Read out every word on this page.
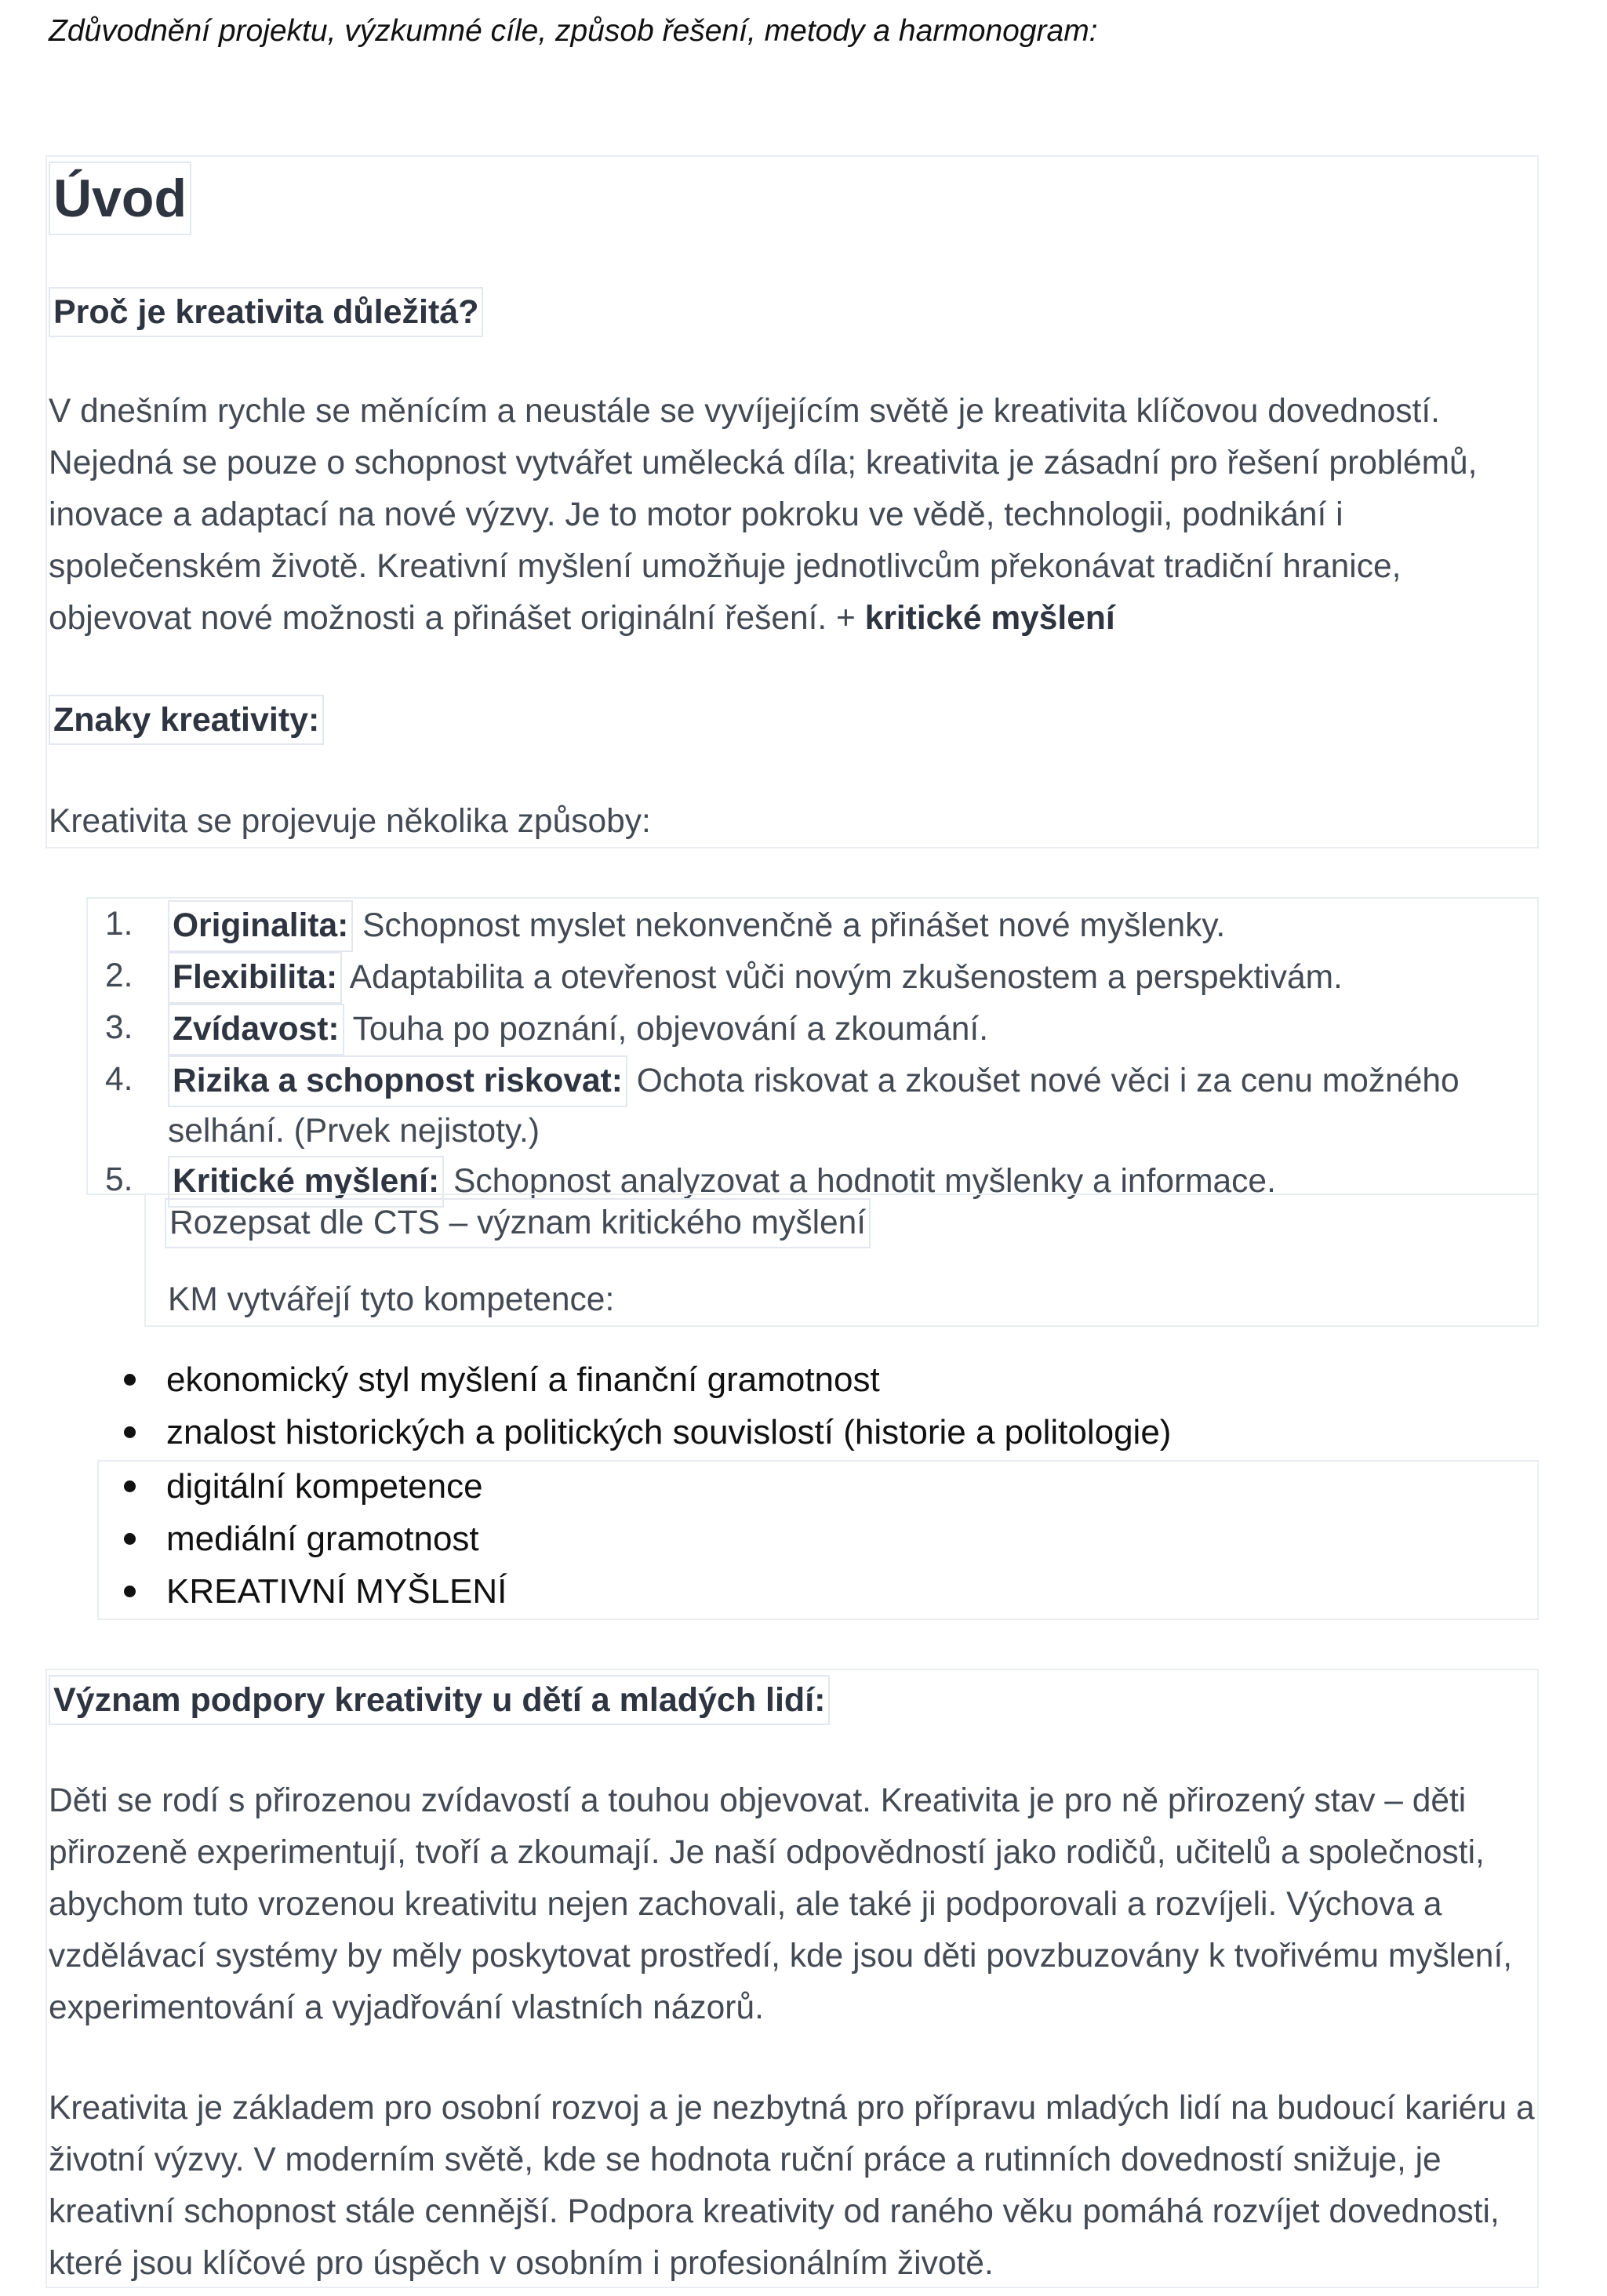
Zdůvodnění projektu, výzkumné cíle, způsob řešení, metody a harmonogram:

Úvod
Proč je kreativita důležitá?

V dnešním rychle se měnícím a neustále se vyvíjejícím světě je kreativita klíčovou dovedností. Nejedná se pouze o schopnost vytvářet umělecká díla; kreativita je zásadní pro řešení problémů, inovace a adaptací na nové výzvy. Je to motor pokroku ve vědě, technologii, podnikání i společenském životě. Kreativní myšlení umožňuje jednotlivcům překonávat tradiční hranice, objevovat nové možnosti a přinášet originální řešení. + kritické myšlení

Znaky kreativity:

Kreativita se projevuje několika způsoby:

1. Originalita: Schopnost myslet nekonvenčně a přinášet nové myšlenky.
2. Flexibilita: Adaptabilita a otevřenost vůči novým zkušenostem a perspektivám.
3. Zvídavost: Touha po poznání, objevování a zkoumání.
4. Rizika a schopnost riskovat: Ochota riskovat a zkoušet nové věci i za cenu možného selhání. (Prvek nejistoty.)
5. Kritické myšlení: Schopnost analyzovat a hodnotit myšlenky a informace.

Rozepsat dle CTS – význam kritického myšlení

KM vytvářejí tyto kompetence:

ekonomický styl myšlení a finanční gramotnost
znalost historických a politických souvislostí (historie a politologie)
digitální kompetence
mediální gramotnost
KREATIVNÍ MYŠLENÍ
Význam podpory kreativity u dětí a mladých lidí:

Děti se rodí s přirozenou zvídavostí a touhou objevovat. Kreativita je pro ně přirozený stav – děti přirozeně experimentují, tvoří a zkoumají. Je naší odpovědností jako rodičů, učitelů a společnosti, abychom tuto vrozenou kreativitu nejen zachovali, ale také ji podporovali a rozvíjeli. Výchova a vzdělávací systémy by měly poskytovat prostředí, kde jsou děti povzbuzovány k tvořivému myšlení, experimentování a vyjadřování vlastních názorů.

Kreativita je základem pro osobní rozvoj a je nezbytná pro přípravu mladých lidí na budoucí kariéru a životní výzvy. V moderním světě, kde se hodnota ruční práce a rutinních dovedností snižuje, je kreativní schopnost stále cennější. Podpora kreativity od raného věku pomáhá rozvíjet dovednosti, které jsou klíčové pro úspěch v osobním i profesionálním životě.
